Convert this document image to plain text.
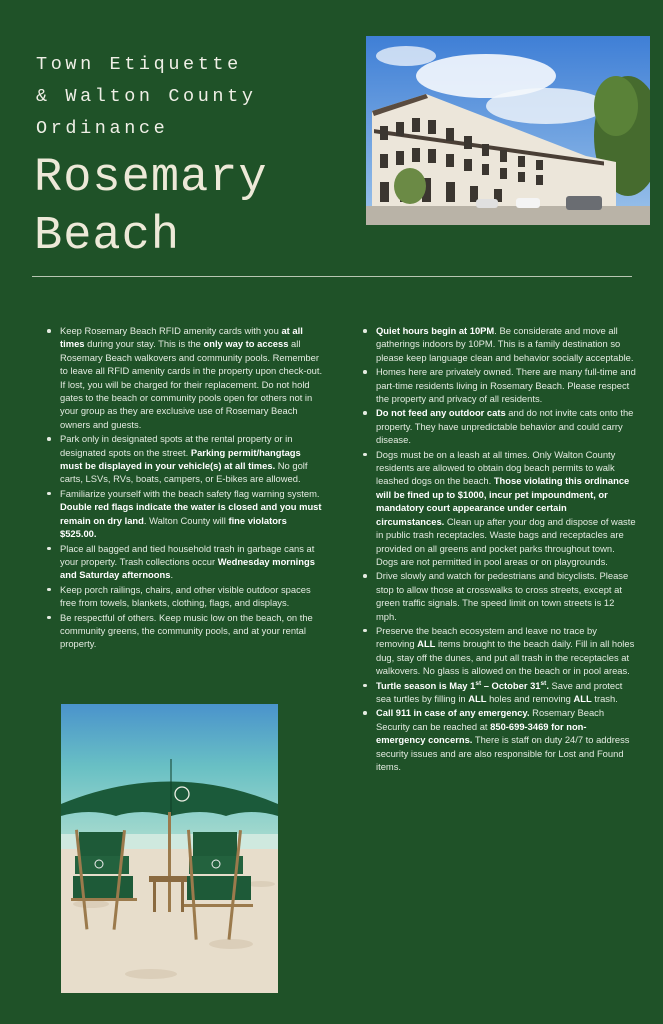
Town Etiquette
& Walton County
Ordinance
Rosemary
Beach
Keep Rosemary Beach RFID amenity cards with you at all times during your stay. This is the only way to access all Rosemary Beach walkovers and community pools. Remember to leave all RFID amenity cards in the property upon check-out. If lost, you will be charged for their replacement. Do not hold gates to the beach or community pools open for others not in your group as they are exclusive use of Rosemary Beach owners and guests.
Park only in designated spots at the rental property or in designated spots on the street. Parking permit/hangtags must be displayed in your vehicle(s) at all times. No golf carts, LSVs, RVs, boats, campers, or E-bikes are allowed.
Familiarize yourself with the beach safety flag warning system. Double red flags indicate the water is closed and you must remain on dry land. Walton County will fine violators $525.00.
Place all bagged and tied household trash in garbage cans at your property. Trash collections occur Wednesday mornings and Saturday afternoons.
Keep porch railings, chairs, and other visible outdoor spaces free from towels, blankets, clothing, flags, and displays.
Be respectful of others. Keep music low on the beach, on the community greens, the community pools, and at your rental property.
Quiet hours begin at 10PM. Be considerate and move all gatherings indoors by 10PM. This is a family destination so please keep language clean and behavior socially acceptable.
Homes here are privately owned. There are many full-time and part-time residents living in Rosemary Beach. Please respect the property and privacy of all residents.
Do not feed any outdoor cats and do not invite cats onto the property. They have unpredictable behavior and could carry disease.
Dogs must be on a leash at all times. Only Walton County residents are allowed to obtain dog beach permits to walk leashed dogs on the beach. Those violating this ordinance will be fined up to $1000, incur pet impoundment, or mandatory court appearance under certain circumstances. Clean up after your dog and dispose of waste in public trash receptacles. Waste bags and receptacles are provided on all greens and pocket parks throughout town. Dogs are not permitted in pool areas or on playgrounds.
Drive slowly and watch for pedestrians and bicyclists. Please stop to allow those at crosswalks to cross streets, except at green traffic signals. The speed limit on town streets is 12 mph.
Preserve the beach ecosystem and leave no trace by removing ALL items brought to the beach daily. Fill in all holes dug, stay off the dunes, and put all trash in the receptacles at walkovers. No glass is allowed on the beach or in pool areas.
Turtle season is May 1st – October 31st. Save and protect sea turtles by filling in ALL holes and removing ALL trash.
Call 911 in case of any emergency. Rosemary Beach Security can be reached at 850-699-3469 for non-emergency concerns. There is staff on duty 24/7 to address security issues and are also responsible for Lost and Found items.
